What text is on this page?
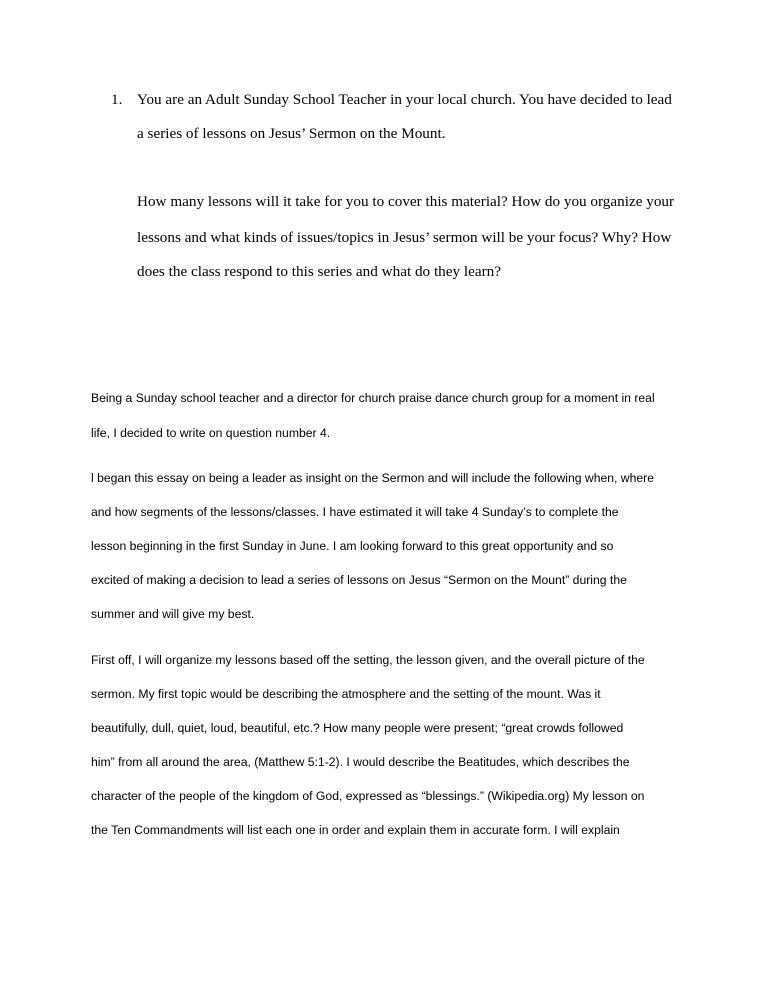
1. You are an Adult Sunday School Teacher in your local church. You have decided to lead

a series of lessons on Jesus’ Sermon on the Mount.

How many lessons will it take for you to cover this material? How do you organize your

lessons and what kinds of issues/topics in Jesus’ sermon will be your focus? Why? How

does the class respond to this series and what do they learn?

Being a Sunday school teacher and a director for church praise dance church group for a moment in real

life, I decided to write on question number 4.

l began this essay on being a leader as insight on the Sermon and will include the following when, where

and how segments of the lessons/classes. I have estimated it will take 4 Sunday’s to complete the

lesson beginning in the first Sunday in June. I am looking forward to this great opportunity and so

excited of making a decision to lead a series of lessons on Jesus “Sermon on the Mount” during the

summer and will give my best.

First off, I will organize my lessons based off the setting, the lesson given, and the overall picture of the

sermon. My first topic would be describing the atmosphere and the setting of the mount. Was it

beautifully, dull, quiet, loud, beautiful, etc.? How many people were present; “great crowds followed

him” from all around the area, (Matthew 5:1-2). I would describe the Beatitudes, which describes the

character of the people of the kingdom of God, expressed as “blessings.” (Wikipedia.org) My lesson on

the Ten Commandments will list each one in order and explain them in accurate form. I will explain
